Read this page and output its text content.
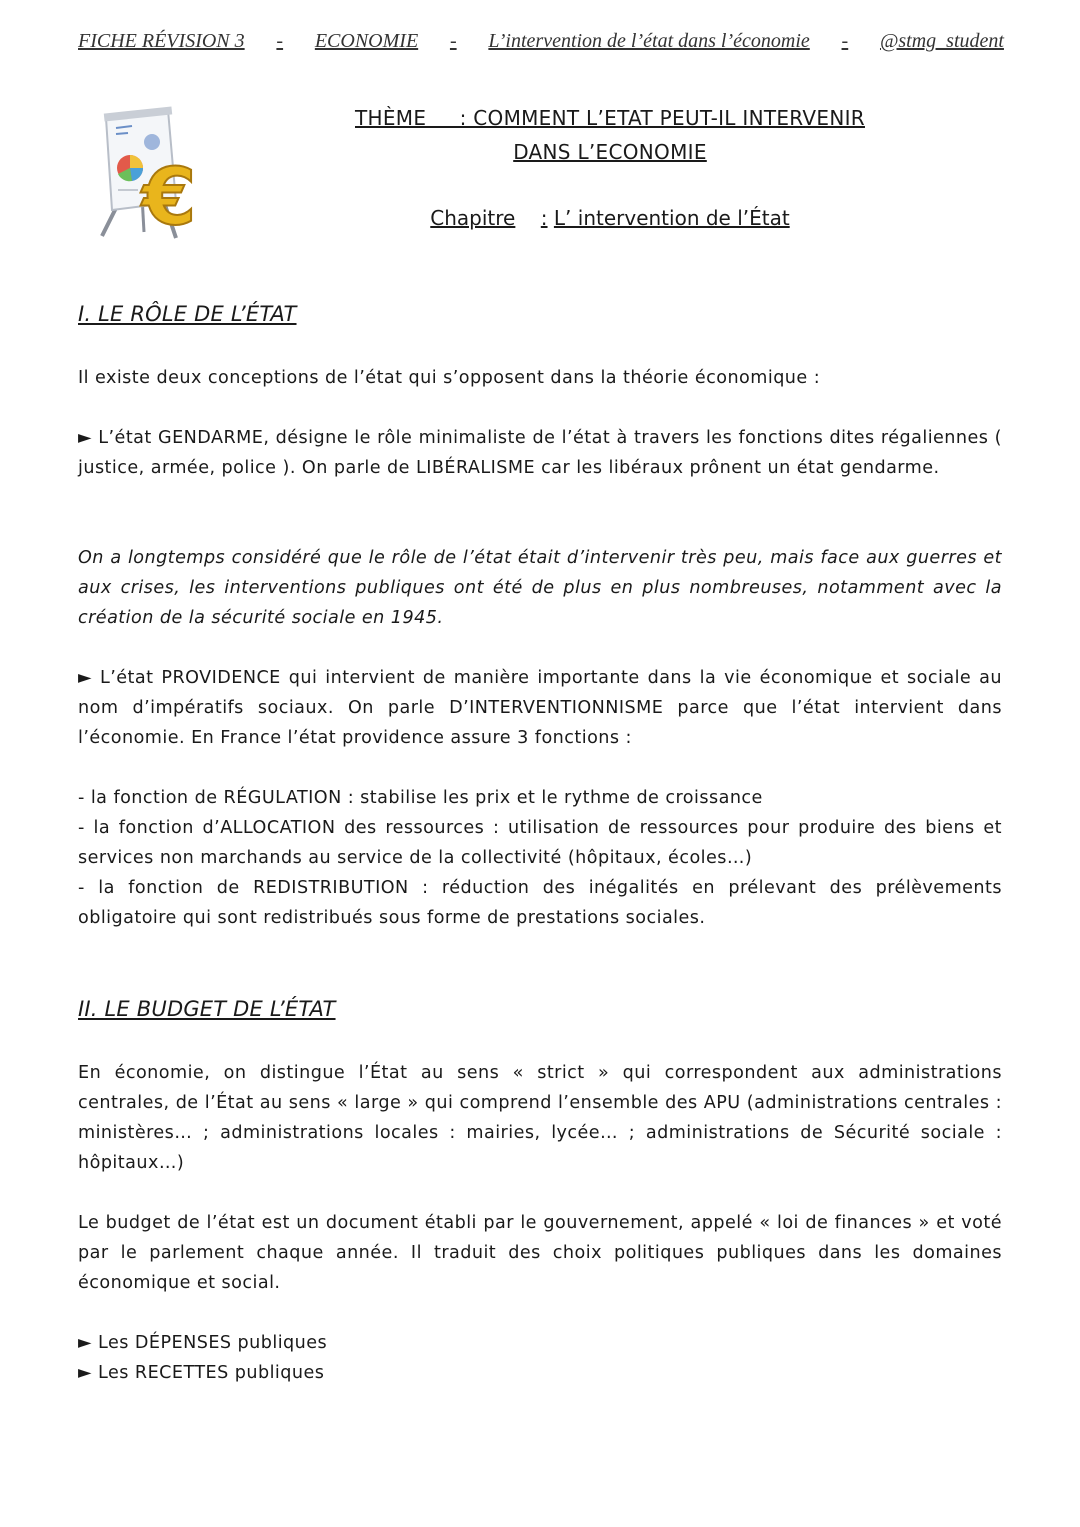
FICHE RÉVISION 3 - ECONOMIE - L’intervention de l’état dans l’économie - @stmg_student
€
THÈME     : COMMENT L’ETAT PEUT-IL INTERVENIR
DANS L’ECONOMIE
Chapitre : L’ intervention de l’État
I. LE RÔLE DE L’ÉTAT
Il existe deux conceptions de l’état qui s’opposent dans la théorie économique :
► L’état GENDARME, désigne le rôle minimaliste de l’état à travers les fonctions dites régaliennes ( justice, armée, police ). On parle de LIBÉRALISME car les libéraux prônent un état gendarme.
On a longtemps considéré que le rôle de l’état était d’intervenir très peu, mais face aux guerres et aux crises, les interventions publiques ont été de plus en plus nombreuses, notamment avec la création de la sécurité sociale en 1945.
► L’état PROVIDENCE qui intervient de manière importante dans la vie économique et sociale au nom d’impératifs sociaux. On parle D’INTERVENTIONNISME parce que l’état intervient dans l’économie. En France l’état providence assure 3 fonctions :
- la fonction de RÉGULATION : stabilise les prix et le rythme de croissance
- la fonction d’ALLOCATION des ressources : utilisation de ressources pour produire des biens et services non marchands au service de la collectivité (hôpitaux, écoles…)
- la fonction de REDISTRIBUTION : réduction des inégalités en prélevant des prélèvements obligatoire qui sont redistribués sous forme de prestations sociales.
II. LE BUDGET DE L’ÉTAT
En économie, on distingue l’État au sens « strict » qui correspondent aux administrations centrales, de l’État au sens « large » qui comprend l’ensemble des APU (administrations centrales : ministères… ; administrations locales : mairies, lycée… ; administrations de Sécurité sociale : hôpitaux…)
Le budget de l’état est un document établi par le gouvernement, appelé « loi de finances » et voté par le parlement chaque année. Il traduit des choix politiques publiques dans les domaines économique et social.
► Les DÉPENSES publiques
► Les RECETTES publiques
